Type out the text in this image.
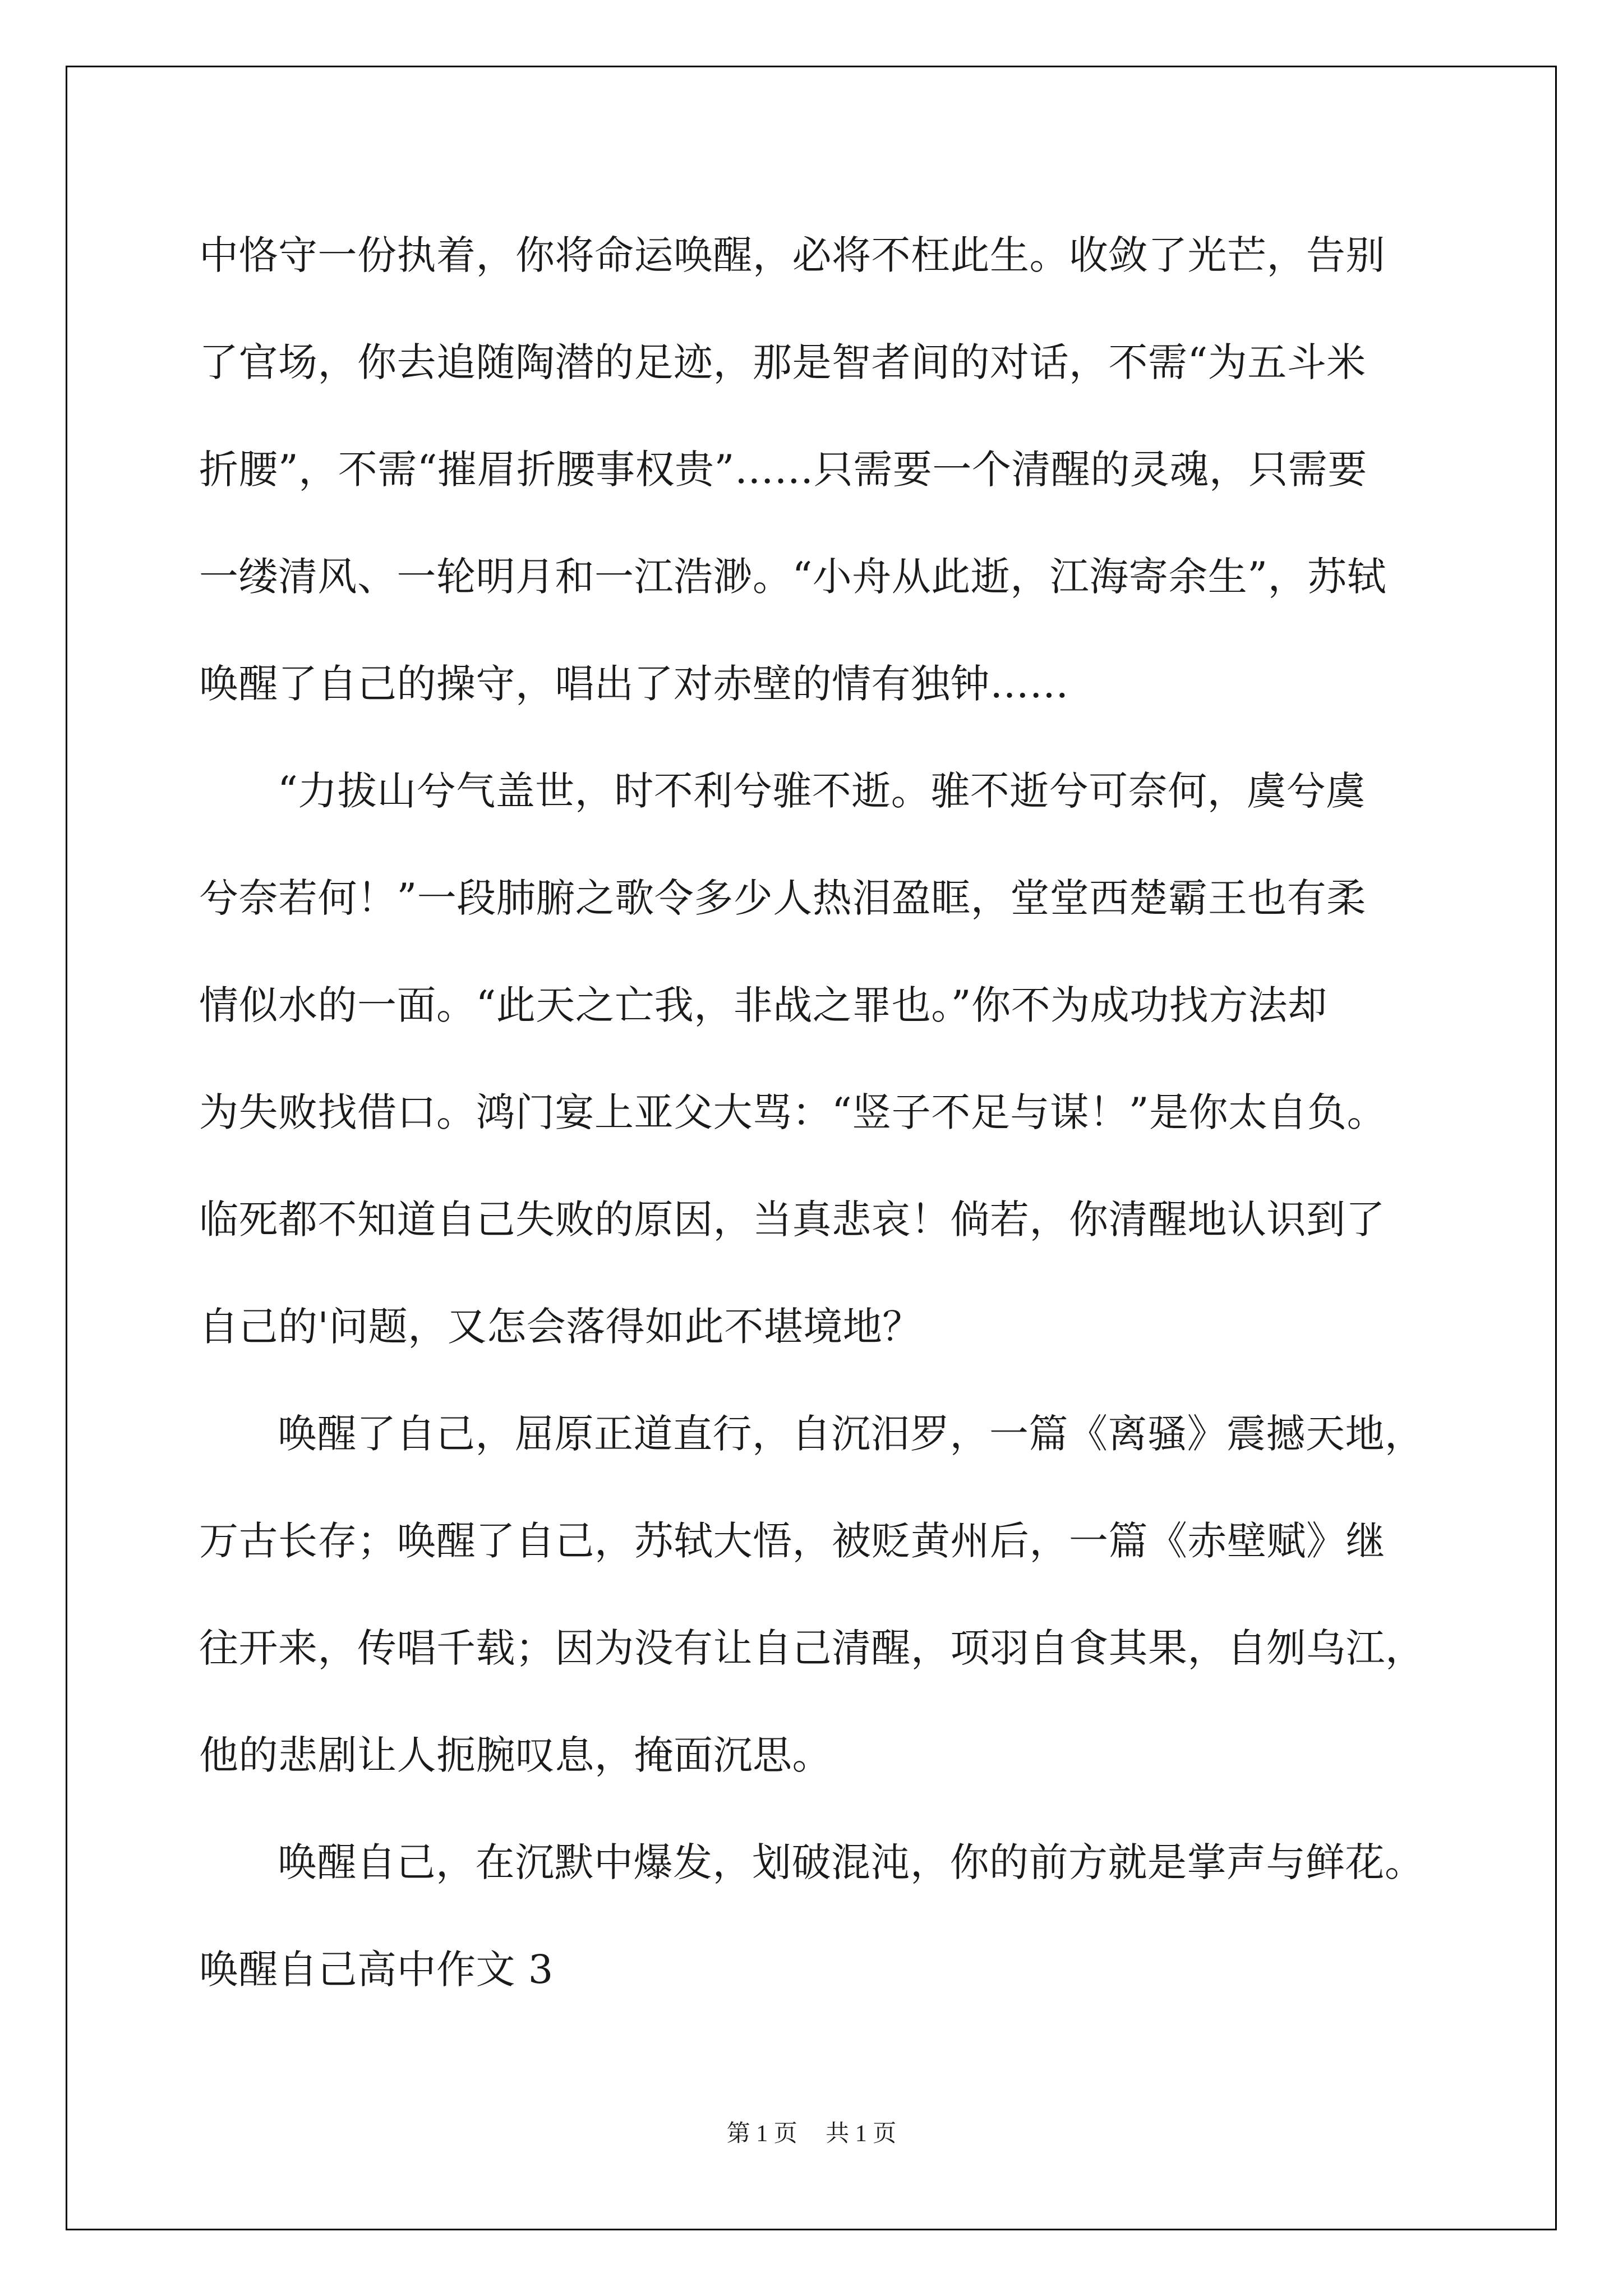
中恪守一份执着，你将命运唤醒，必将不枉此生。收敛了光芒，告别
了官场，你去追随陶潜的足迹，那是智者间的对话，不需“为五斗米
折腰”，不需“摧眉折腰事权贵”……只需要一个清醒的灵魂，只需要
一缕清风、一轮明月和一江浩渺。“小舟从此逝，江海寄余生”，苏轼
唤醒了自己的操守，唱出了对赤壁的情有独钟……
“力拔山兮气盖世，时不利兮骓不逝。骓不逝兮可奈何，虞兮虞
兮奈若何！”一段肺腑之歌令多少人热泪盈眶，堂堂西楚霸王也有柔
情似水的一面。“此天之亡我，非战之罪也。”你不为成功找方法却
为失败找借口。鸿门宴上亚父大骂：“竖子不足与谋！”是你太自负。
临死都不知道自己失败的原因，当真悲哀！倘若，你清醒地认识到了
自己的'问题，又怎会落得如此不堪境地？
唤醒了自己，屈原正道直行，自沉汨罗，一篇《离骚》震撼天地，
万古长存；唤醒了自己，苏轼大悟，被贬黄州后，一篇《赤壁赋》继
往开来，传唱千载；因为没有让自己清醒，项羽自食其果，自刎乌江，
他的悲剧让人扼腕叹息，掩面沉思。
唤醒自己，在沉默中爆发，划破混沌，你的前方就是掌声与鲜花。
唤醒自己高中作文 3
第 1 页 共 1 页
